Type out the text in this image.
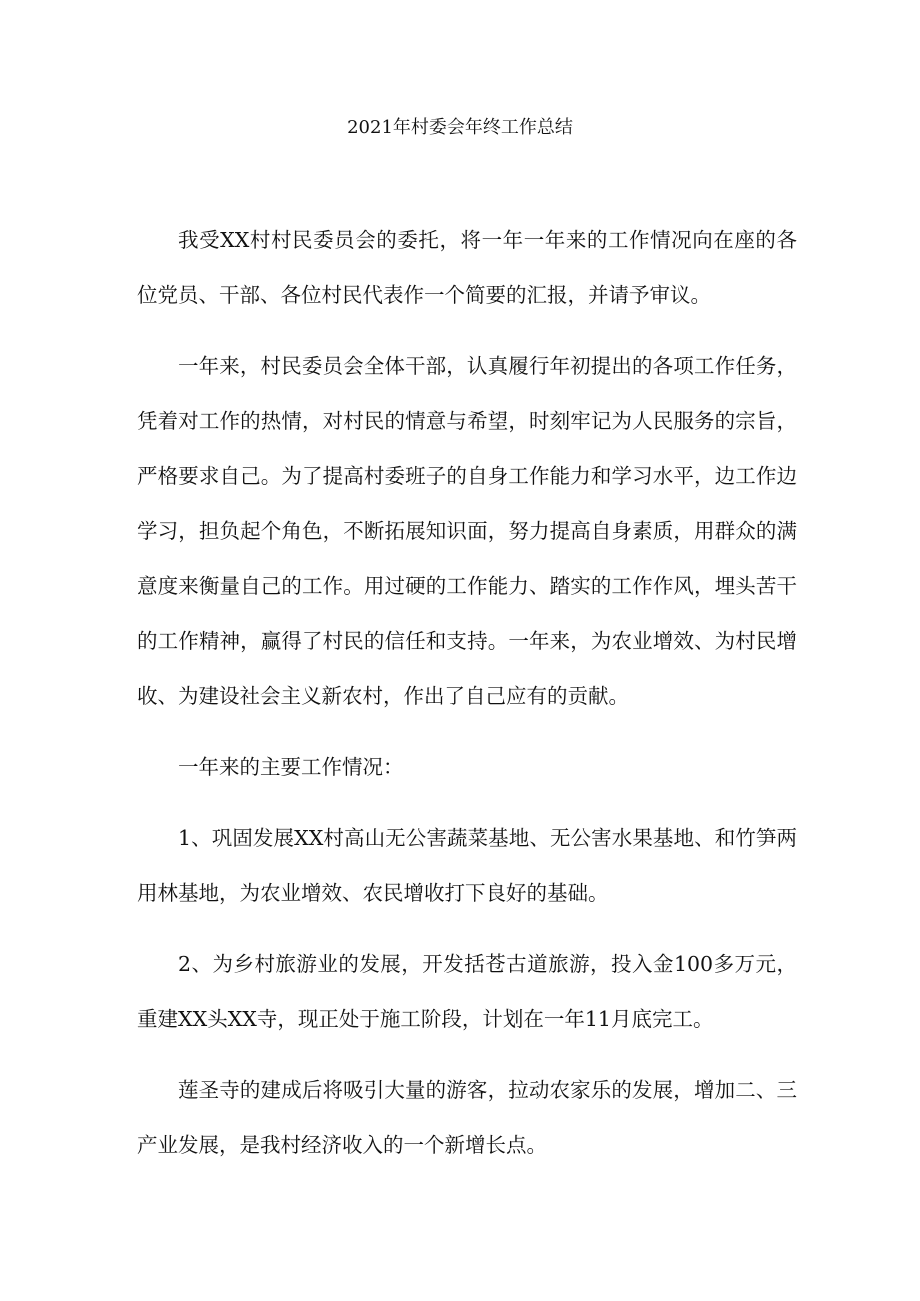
2021年村委会年终工作总结

我受XX村村民委员会的委托，将一年一年来的工作情况向在座的各位党员、干部、各位村民代表作一个简要的汇报，并请予审议。

一年来，村民委员会全体干部，认真履行年初提出的各项工作任务，凭着对工作的热情，对村民的情意与希望，时刻牢记为人民服务的宗旨，严格要求自己。为了提高村委班子的自身工作能力和学习水平，边工作边学习，担负起个角色，不断拓展知识面，努力提高自身素质，用群众的满意度来衡量自己的工作。用过硬的工作能力、踏实的工作作风，埋头苦干的工作精神，赢得了村民的信任和支持。一年来，为农业增效、为村民增收、为建设社会主义新农村，作出了自己应有的贡献。

一年来的主要工作情况：

1、巩固发展XX村高山无公害蔬菜基地、无公害水果基地、和竹笋两用林基地，为农业增效、农民增收打下良好的基础。

2、为乡村旅游业的发展，开发括苍古道旅游，投入金100多万元，重建XX头XX寺，现正处于施工阶段，计划在一年11月底完工。

莲圣寺的建成后将吸引大量的游客，拉动农家乐的发展，增加二、三产业发展，是我村经济收入的一个新增长点。
